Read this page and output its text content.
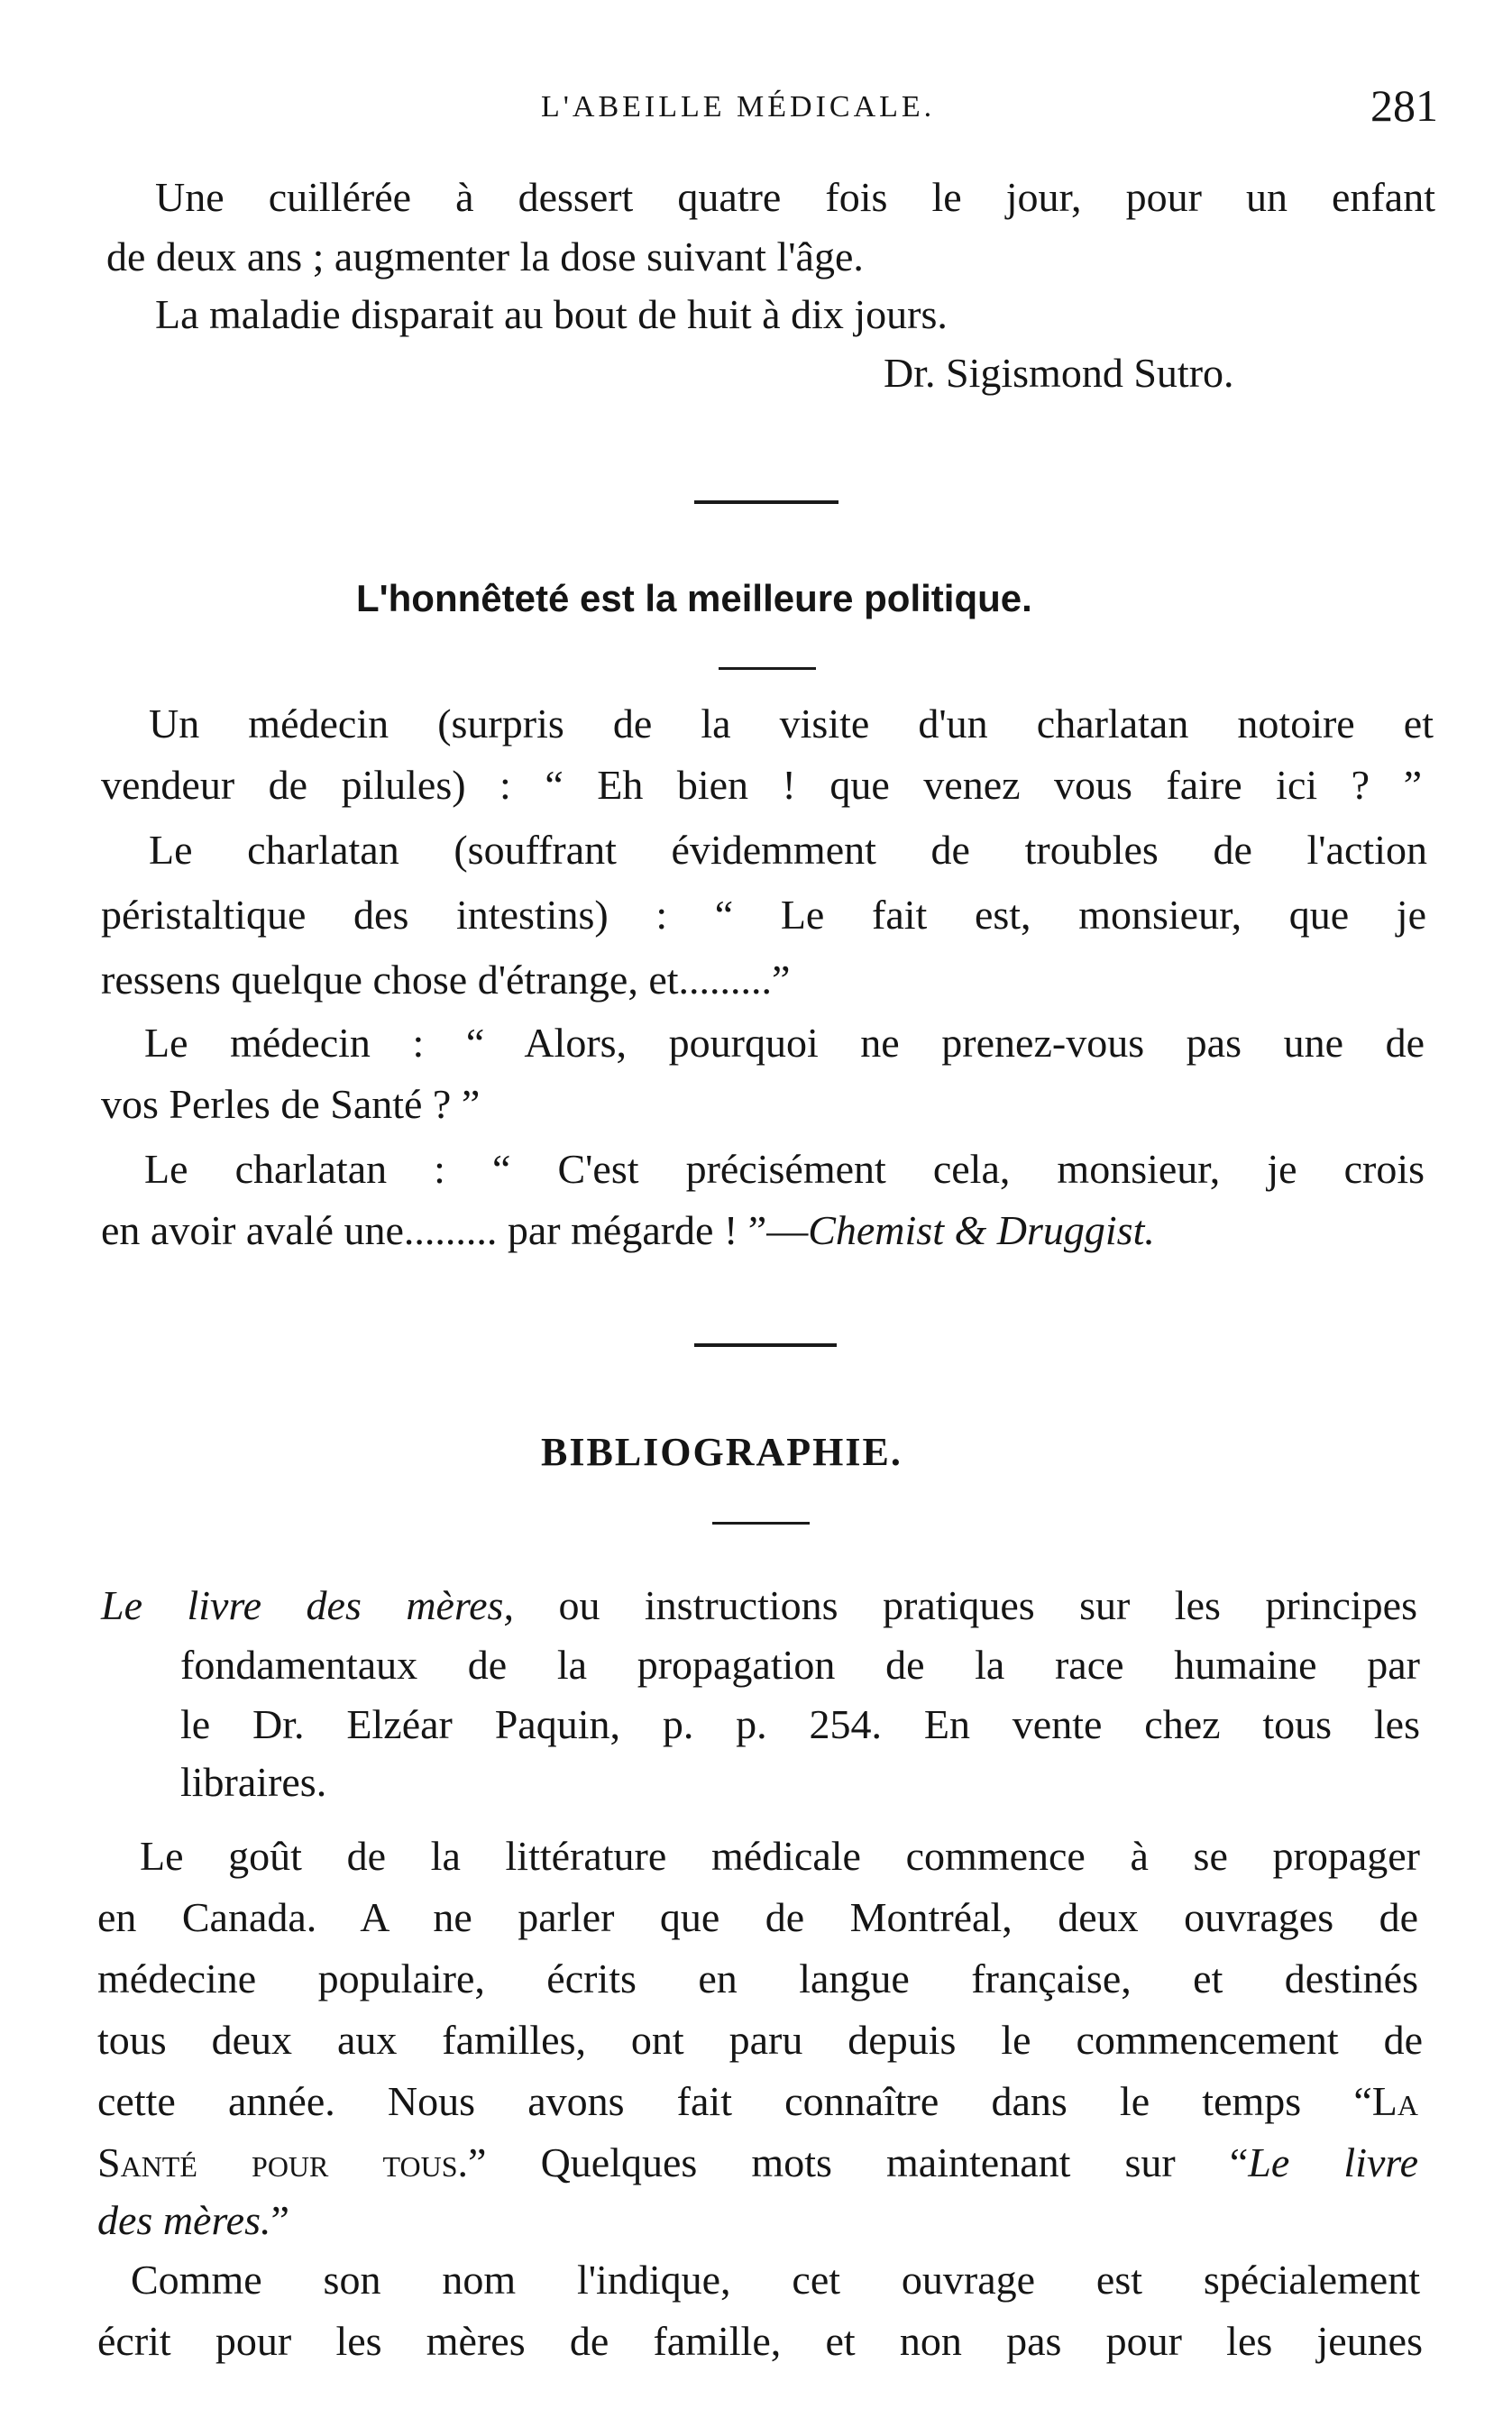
L'ABEILLE MÉDICALE.	281
Une cuillérée à dessert quatre fois le jour, pour un enfant
de deux ans ; augmenter la dose suivant l'âge.
La maladie disparait au bout de huit à dix jours.
Dr. Sigismond Sutro.
L'honnêteté est la meilleure politique.
Un médecin (surpris de la visite d'un charlatan notoire et
vendeur de pilules) : “ Eh bien ! que venez vous faire ici ? ”
Le charlatan (souffrant évidemment de troubles de l'action
péristaltique des intestins) : “ Le fait est, monsieur, que je
ressens quelque chose d'étrange, et.........”
Le médecin : “ Alors, pourquoi ne prenez-vous pas une de
vos Perles de Santé ? ”
Le charlatan : “ C'est précisément cela, monsieur, je crois
en avoir avalé une......... par mégarde ! ”—Chemist & Druggist.
BIBLIOGRAPHIE.
Le livre des mères, ou instructions pratiques sur les principes
fondamentaux de la propagation de la race humaine par
le Dr. Elzéar Paquin, p. p. 254. En vente chez tous les
libraires.
Le goût de la littérature médicale commence à se propager
en Canada. A ne parler que de Montréal, deux ouvrages de
médecine populaire, écrits en langue française, et destinés
tous deux aux familles, ont paru depuis le commencement de
cette année. Nous avons fait connaître dans le temps “La
Santé pour tous.” Quelques mots maintenant sur “Le livre
des mères.”
Comme son nom l'indique, cet ouvrage est spécialement
écrit pour les mères de famille, et non pas pour les jeunes
